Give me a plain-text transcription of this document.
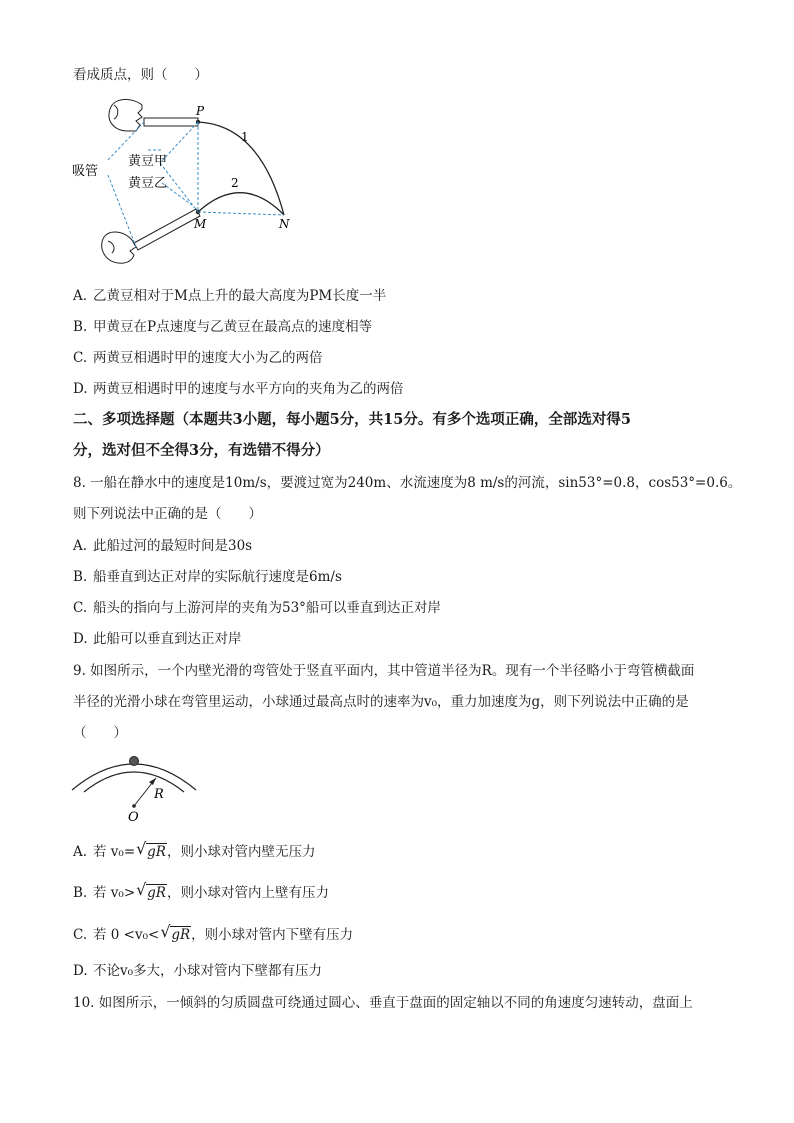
看成质点，则（　　）
P
M	N
1
2
吸管
黄豆甲
黄豆乙
A. 乙黄豆相对于M点上升的最大高度为PM长度一半
B. 甲黄豆在P点速度与乙黄豆在最高点的速度相等
C. 两黄豆相遇时甲的速度大小为乙的两倍
D. 两黄豆相遇时甲的速度与水平方向的夹角为乙的两倍
二、多项选择题（本题共3小题，每小题5分，共15分。有多个选项正确，全部选对得5
分，选对但不全得3分，有选错不得分）
8. 一船在静水中的速度是10m/s，要渡过宽为240m、水流速度为8 m/s的河流，sin53°=0.8，cos53°=0.6。
则下列说法中正确的是（　　）
A. 此船过河的最短时间是30s
B. 船垂直到达正对岸的实际航行速度是6m/s
C. 船头的指向与上游河岸的夹角为53°船可以垂直到达正对岸
D. 此船可以垂直到达正对岸
9. 如图所示，一个内壁光滑的弯管处于竖直平面内，其中管道半径为R。现有一个半径略小于弯管横截面
半径的光滑小球在弯管里运动，小球通过最高点时的速率为v₀，重力加速度为g，则下列说法中正确的是
（　　）
R
O
A. 若 v₀= √ gR，则小球对管内壁无压力
B. 若 v₀> √ gR，则小球对管内上壁有压力
C. 若 0 <v₀< √ gR，则小球对管内下壁有压力
D. 不论v₀多大，小球对管内下壁都有压力
10. 如图所示，一倾斜的匀质圆盘可绕通过圆心、垂直于盘面的固定轴以不同的角速度匀速转动，盘面上
